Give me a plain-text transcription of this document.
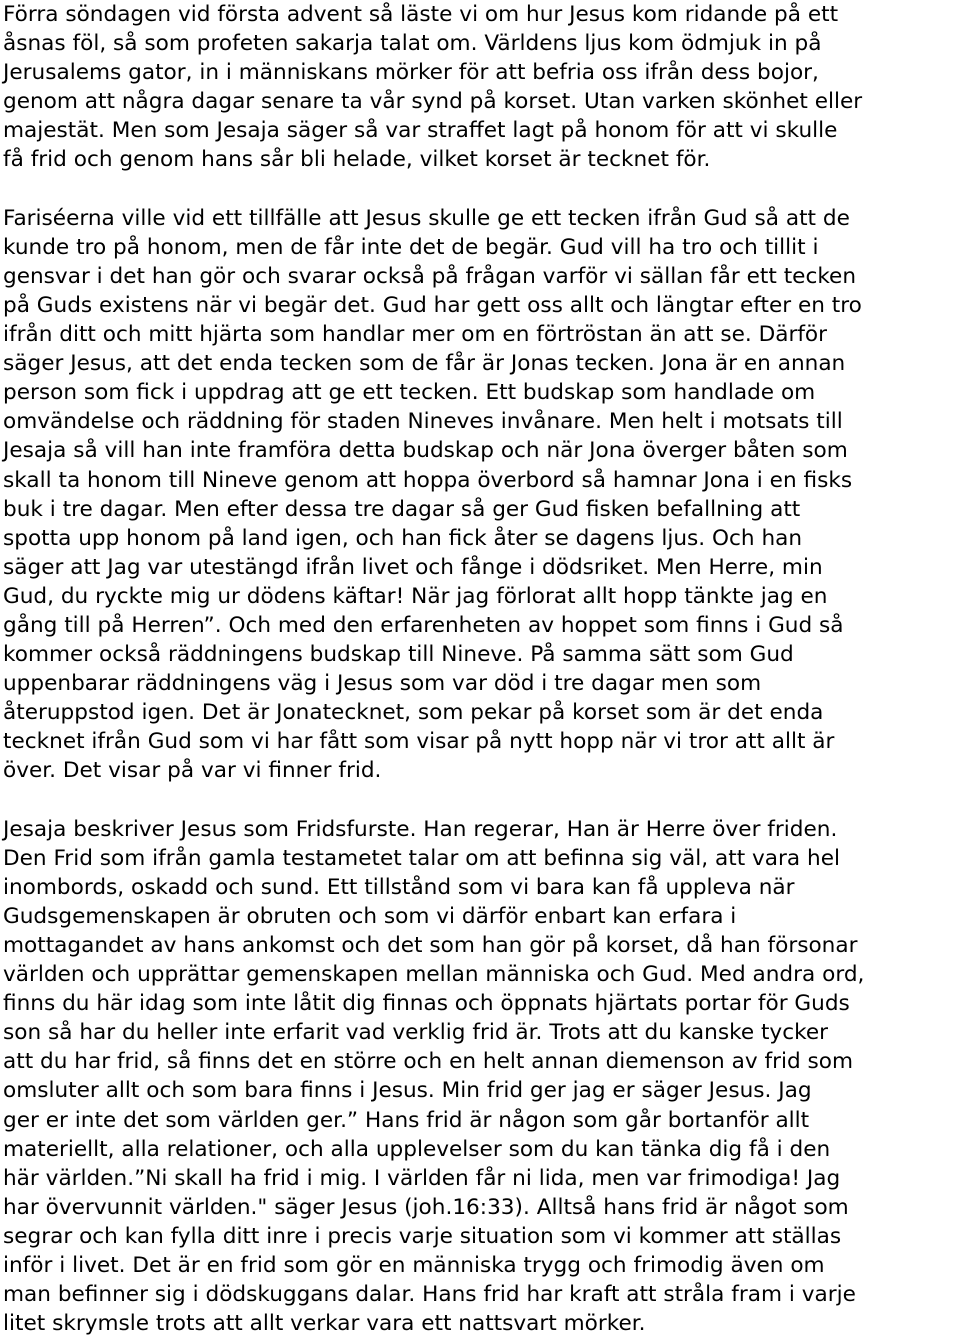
Förra söndagen vid första advent så läste vi om hur Jesus kom ridande på ett
åsnas föl, så som profeten sakarja talat om. Världens ljus kom ödmjuk in på
Jerusalems gator, in i människans mörker för att befria oss ifrån dess bojor,
genom att några dagar senare ta vår synd på korset. Utan varken skönhet eller
majestät. Men som Jesaja säger så var straffet lagt på honom för att vi skulle
få frid och genom hans sår bli helade, vilket korset är tecknet för.
Fariséerna ville vid ett tillfälle att Jesus skulle ge ett tecken ifrån Gud så att de
kunde tro på honom, men de får inte det de begär. Gud vill ha tro och tillit i
gensvar i det han gör och svarar också på frågan varför vi sällan får ett tecken
på Guds existens när vi begär det. Gud har gett oss allt och längtar efter en tro
ifrån ditt och mitt hjärta som handlar mer om en förtröstan än att se. Därför
säger Jesus, att det enda tecken som de får är Jonas tecken. Jona är en annan
person som fick i uppdrag att ge ett tecken. Ett budskap som handlade om
omvändelse och räddning för staden Nineves invånare. Men helt i motsats till
Jesaja så vill han inte framföra detta budskap och när Jona överger båten som
skall ta honom till Nineve genom att hoppa överbord så hamnar Jona i en fisks
buk i tre dagar. Men efter dessa tre dagar så ger Gud fisken befallning att
spotta upp honom på land igen, och han fick åter se dagens ljus. Och han
säger att Jag var utestängd ifrån livet och fånge i dödsriket. Men Herre, min
Gud, du ryckte mig ur dödens käftar! När jag förlorat allt hopp tänkte jag en
gång till på Herren”. Och med den erfarenheten av hoppet som finns i Gud så
kommer också räddningens budskap till Nineve. På samma sätt som Gud
uppenbarar räddningens väg i Jesus som var död i tre dagar men som
återuppstod igen. Det är Jonatecknet, som pekar på korset som är det enda
tecknet ifrån Gud som vi har fått som visar på nytt hopp när vi tror att allt är
över. Det visar på var vi finner frid.
Jesaja beskriver Jesus som Fridsfurste. Han regerar, Han är Herre över friden.
Den Frid som ifrån gamla testametet talar om att befinna sig väl, att vara hel
inombords, oskadd och sund. Ett tillstånd som vi bara kan få uppleva när
Gudsgemenskapen är obruten och som vi därför enbart kan erfara i
mottagandet av hans ankomst och det som han gör på korset, då han försonar
världen och upprättar gemenskapen mellan människa och Gud. Med andra ord,
finns du här idag som inte låtit dig finnas och öppnats hjärtats portar för Guds
son så har du heller inte erfarit vad verklig frid är. Trots att du kanske tycker
att du har frid, så finns det en större och en helt annan diemenson av frid som
omsluter allt och som bara finns i Jesus. Min frid ger jag er säger Jesus. Jag
ger er inte det som världen ger.” Hans frid är någon som går bortanför allt
materiellt, alla relationer, och alla upplevelser som du kan tänka dig få i den
här världen.”Ni skall ha frid i mig. I världen får ni lida, men var frimodiga! Jag
har övervunnit världen." säger Jesus (joh.16:33). Alltså hans frid är något som
segrar och kan fylla ditt inre i precis varje situation som vi kommer att ställas
inför i livet. Det är en frid som gör en människa trygg och frimodig även om
man befinner sig i dödskuggans dalar. Hans frid har kraft att stråla fram i varje
litet skrymsle trots att allt verkar vara ett nattsvart mörker.
